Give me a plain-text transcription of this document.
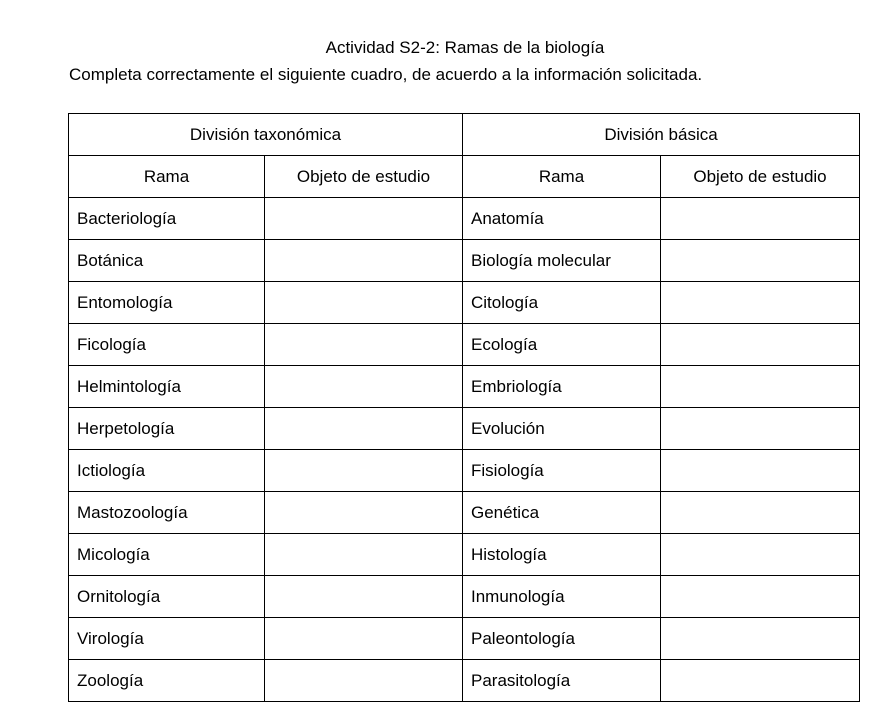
Actividad S2-2: Ramas de la biología
Completa correctamente el siguiente cuadro, de acuerdo a la información solicitada.
División taxonómica		División básica	
Rama	Objeto de estudio	Rama	Objeto de estudio
Bacteriología		Anatomía	
Botánica		Biología molecular	
Entomología		Citología	
Ficología		Ecología	
Helmintología		Embriología	
Herpetología		Evolución	
Ictiología		Fisiología	
Mastozoología		Genética	
Micología		Histología	
Ornitología		Inmunología	
Virología		Paleontología	
Zoología		Parasitología	
